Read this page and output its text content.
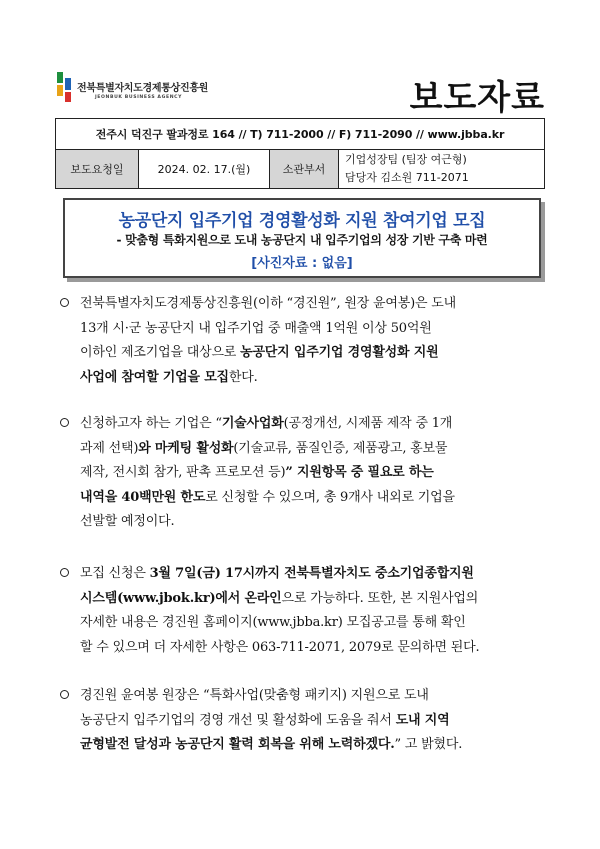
전북특별자치도경제통상진흥원
JEONBUK BUSINESS AGENCY	보도자료
전주시 덕진구 팔과정로 164 // T) 711-2000 // F) 711-2090 // www.jbba.kr
보도요청일	2024. 02. 17.(월)	소관부서	
기업성장팀 (팀장 여근형)
담당자 김소원 711-2071
농공단지 입주기업 경영활성화 지원 참여기업 모집
- 맞춤형 특화지원으로 도내 농공단지 내 입주기업의 성장 기반 구축 마련
[사진자료 : 없음]
전북특별자치도경제통상진흥원(이하 “경진원”, 원장 윤여봉)은 도내
13개 시·군 농공단지 내 입주기업 중 매출액 1억원 이상 50억원
이하인 제조기업을 대상으로 농공단지 입주기업 경영활성화 지원
사업에 참여할 기업을 모집한다.
신청하고자 하는 기업은 “기술사업화(공정개선, 시제품 제작 중 1개
과제 선택)와 마케팅 활성화(기술교류, 품질인증, 제품광고, 홍보물
제작, 전시회 참가, 판촉 프로모션 등)” 지원항목 중 필요로 하는
내역을 40백만원 한도로 신청할 수 있으며, 총 9개사 내외로 기업을
선발할 예정이다.
모집 신청은 3월 7일(금) 17시까지 전북특별자치도 중소기업종합지원
시스템(www.jbok.kr)에서 온라인으로 가능하다. 또한, 본 지원사업의
자세한 내용은 경진원 홈페이지(www.jbba.kr) 모집공고를 통해 확인
할 수 있으며 더 자세한 사항은 063-711-2071, 2079로 문의하면 된다.
경진원 윤여봉 원장은 “특화사업(맞춤형 패키지) 지원으로 도내
농공단지 입주기업의 경영 개선 및 활성화에 도움을 줘서 도내 지역
균형발전 달성과 농공단지 활력 회복을 위해 노력하겠다.” 고 밝혔다.
